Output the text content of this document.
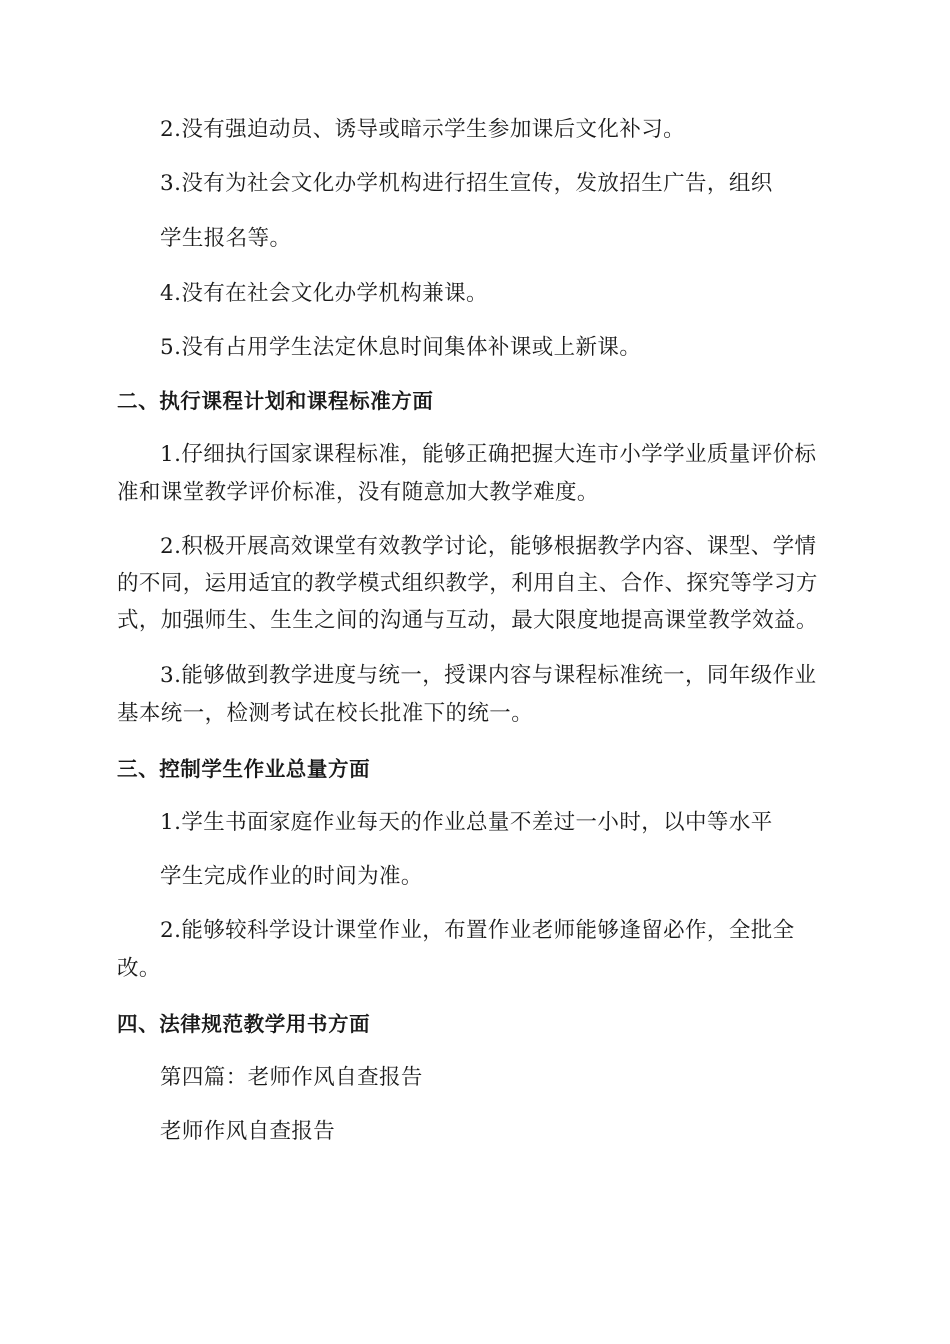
2.没有强迫动员、诱导或暗示学生参加课后文化补习。
3.没有为社会文化办学机构进行招生宣传，发放招生广告，组织
学生报名等。
4.没有在社会文化办学机构兼课。
5.没有占用学生法定休息时间集体补课或上新课。
二、执行课程计划和课程标准方面
1.仔细执行国家课程标准，能够正确把握大连市小学学业质量评价标
准和课堂教学评价标准，没有随意加大教学难度。
2.积极开展高效课堂有效教学讨论，能够根据教学内容、课型、学情
的不同，运用适宜的教学模式组织教学，利用自主、合作、探究等学习方
式，加强师生、生生之间的沟通与互动，最大限度地提高课堂教学效益。
3.能够做到教学进度与统一，授课内容与课程标准统一，同年级作业
基本统一，检测考试在校长批准下的统一。
三、控制学生作业总量方面
1.学生书面家庭作业每天的作业总量不差过一小时，以中等水平
学生完成作业的时间为准。
2.能够较科学设计课堂作业，布置作业老师能够逢留必作，全批全
改。
四、法律规范教学用书方面
第四篇：老师作风自查报告
老师作风自查报告
